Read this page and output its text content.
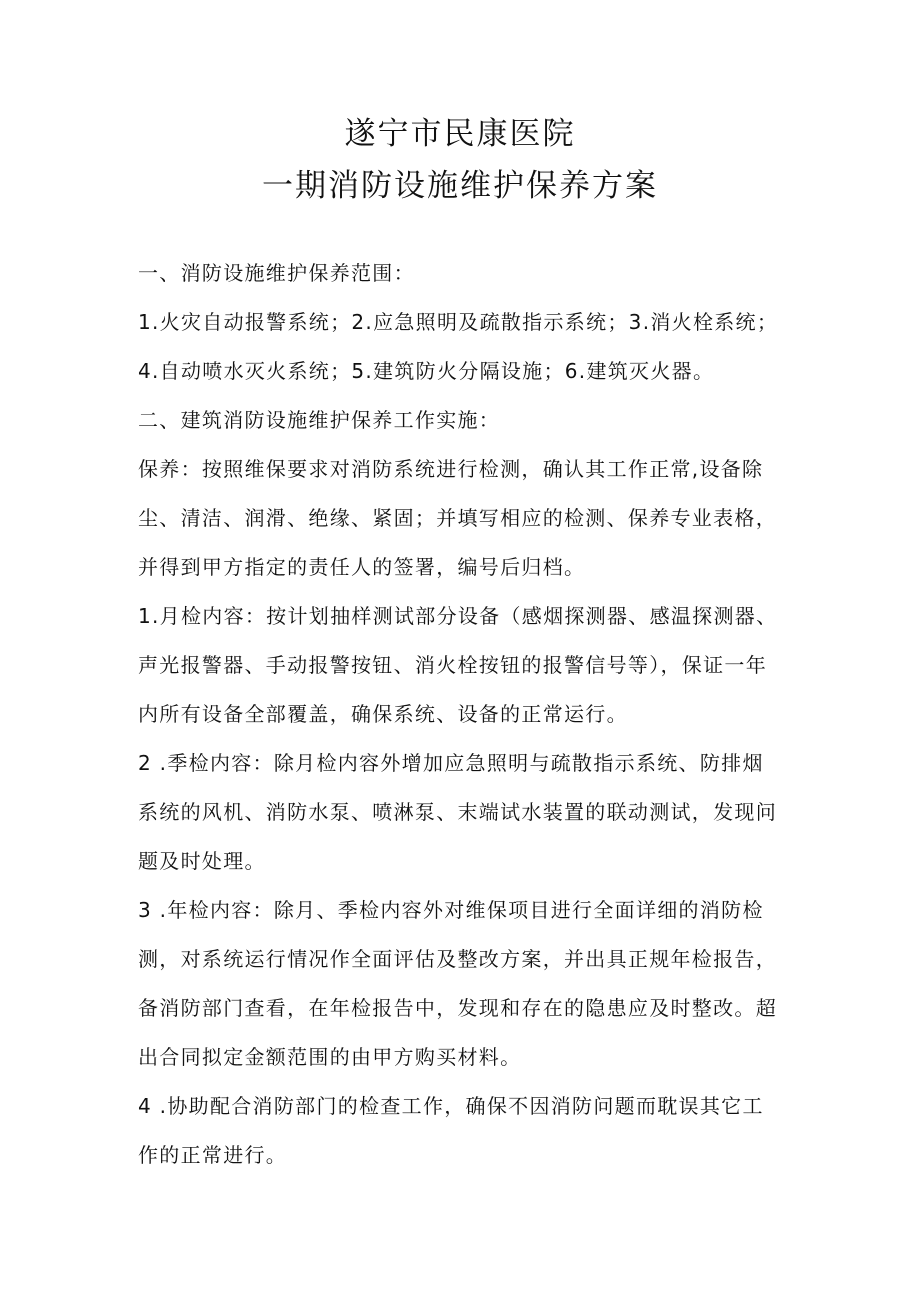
遂宁市民康医院
一期消防设施维护保养方案
一、消防设施维护保养范围：
1.火灾自动报警系统；2.应急照明及疏散指示系统；3.消火栓系统；
4.自动喷水灭火系统；5.建筑防火分隔设施；6.建筑灭火器。
二、建筑消防设施维护保养工作实施：
保养：按照维保要求对消防系统进行检测，确认其工作正常,设备除
尘、清洁、润滑、绝缘、紧固；并填写相应的检测、保养专业表格，
并得到甲方指定的责任人的签署，编号后归档。
1.月检内容：按计划抽样测试部分设备（感烟探测器、感温探测器、
声光报警器、手动报警按钮、消火栓按钮的报警信号等），保证一年
内所有设备全部覆盖，确保系统、设备的正常运行。
2 .季检内容：除月检内容外增加应急照明与疏散指示系统、防排烟
系统的风机、消防水泵、喷淋泵、末端试水装置的联动测试，发现问
题及时处理。
3 .年检内容：除月、季检内容外对维保项目进行全面详细的消防检
测，对系统运行情况作全面评估及整改方案，并出具正规年检报告，
备消防部门查看，在年检报告中，发现和存在的隐患应及时整改。超
出合同拟定金额范围的由甲方购买材料。
4 .协助配合消防部门的检查工作，确保不因消防问题而耽误其它工
作的正常进行。
